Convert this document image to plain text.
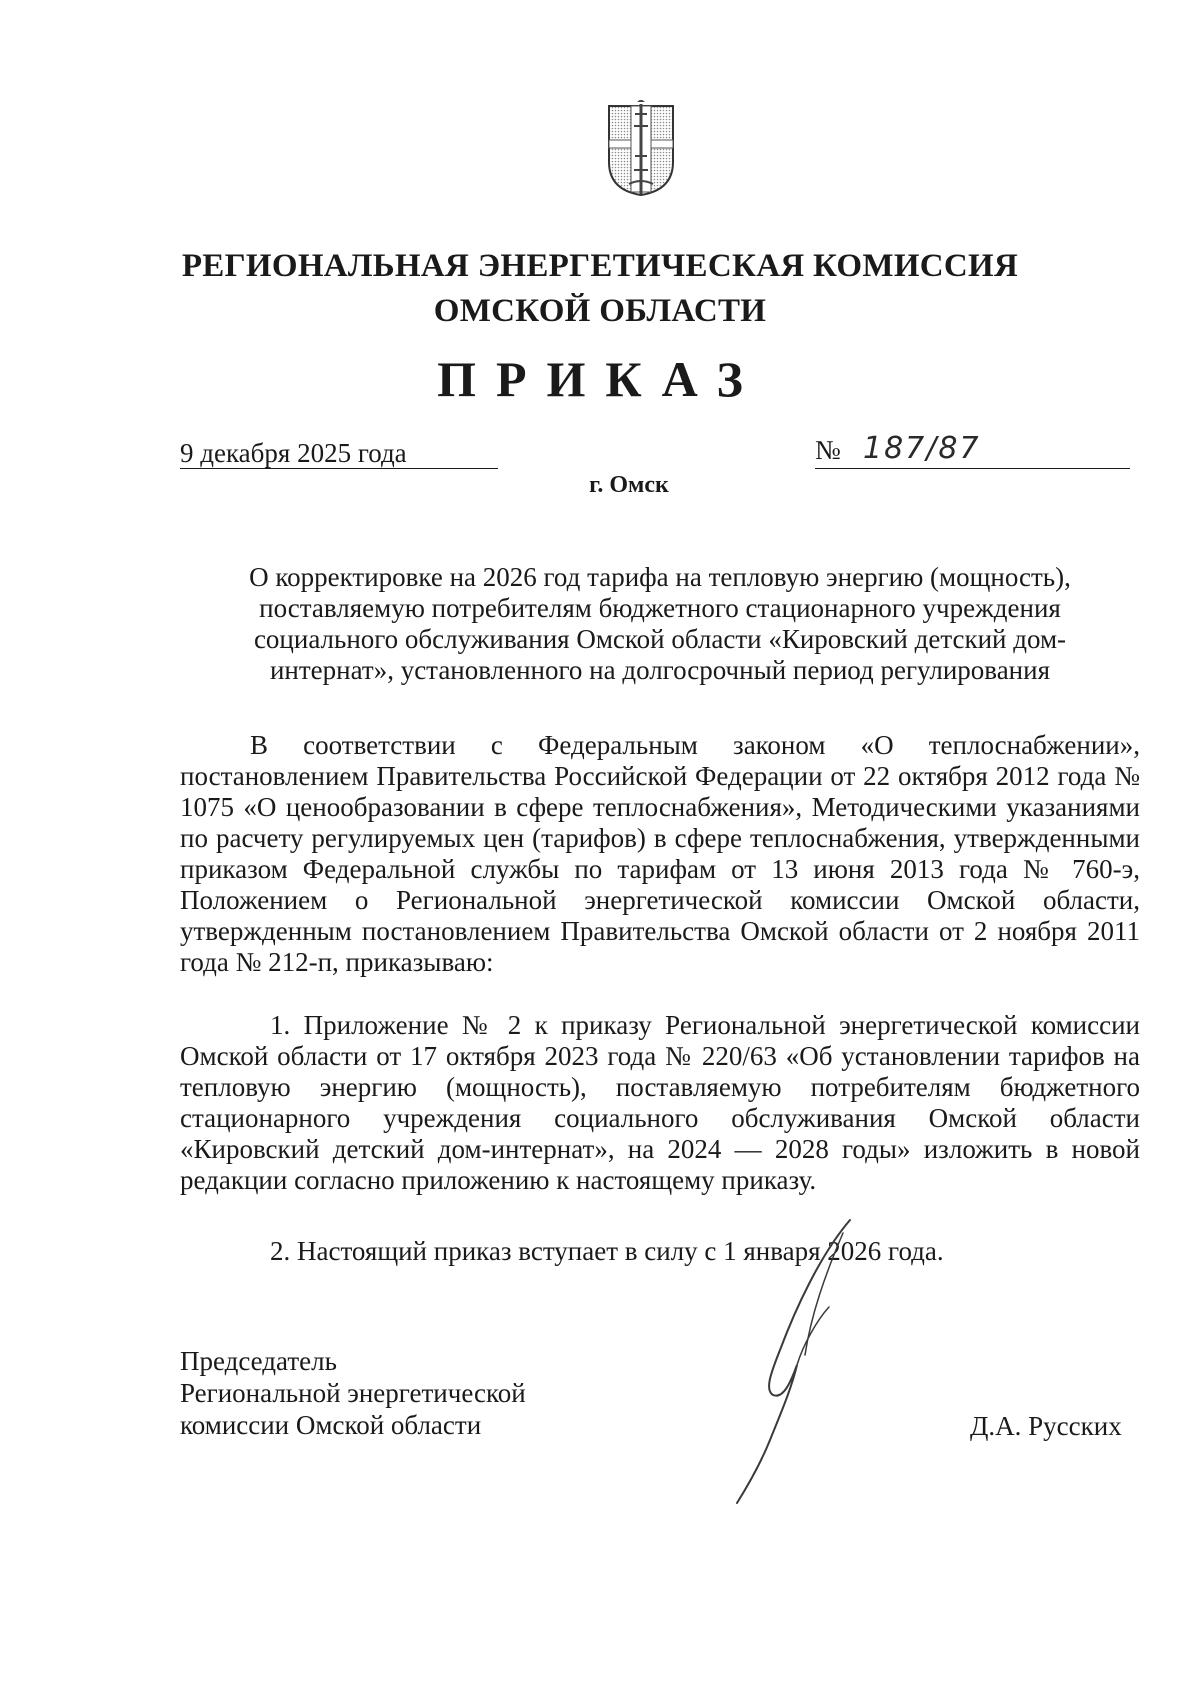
РЕГИОНАЛЬНАЯ ЭНЕРГЕТИЧЕСКАЯ КОМИССИЯ
ОМСКОЙ ОБЛАСТИ
ПРИКАЗ
9 декабря 2025 года	№ 187/87
г. Омск
О корректировке на 2026 год тарифа на тепловую энергию (мощность),
поставляемую потребителям бюджетного стационарного учреждения
социального обслуживания Омской области «Кировский детский дом-
интернат», установленного на долгосрочный период регулирования

В соответствии с Федеральным законом «О теплоснабжении», постановлением Правительства Российской Федерации от 22 октября 2012 года № 1075 «О ценообразовании в сфере теплоснабжения», Методическими указаниями по расчету регулируемых цен (тарифов) в сфере теплоснабжения, утвержденными приказом Федеральной службы по тарифам от 13 июня 2013 года № 760-э, Положением о Региональной энергетической комиссии Омской области, утвержденным постановлением Правительства Омской области от 2 ноября 2011 года № 212-п, приказываю:

1. Приложение № 2 к приказу Региональной энергетической комиссии Омской области от 17 октября 2023 года № 220/63 «Об установлении тарифов на тепловую энергию (мощность), поставляемую потребителям бюджетного стационарного учреждения социального обслуживания Омской области «Кировский детский дом-интернат», на 2024 — 2028 годы» изложить в новой редакции согласно приложению к настоящему приказу.

2. Настоящий приказ вступает в силу с 1 января 2026 года.

Председатель
Региональной энергетической
комиссии Омской области	Д.А. Русских
